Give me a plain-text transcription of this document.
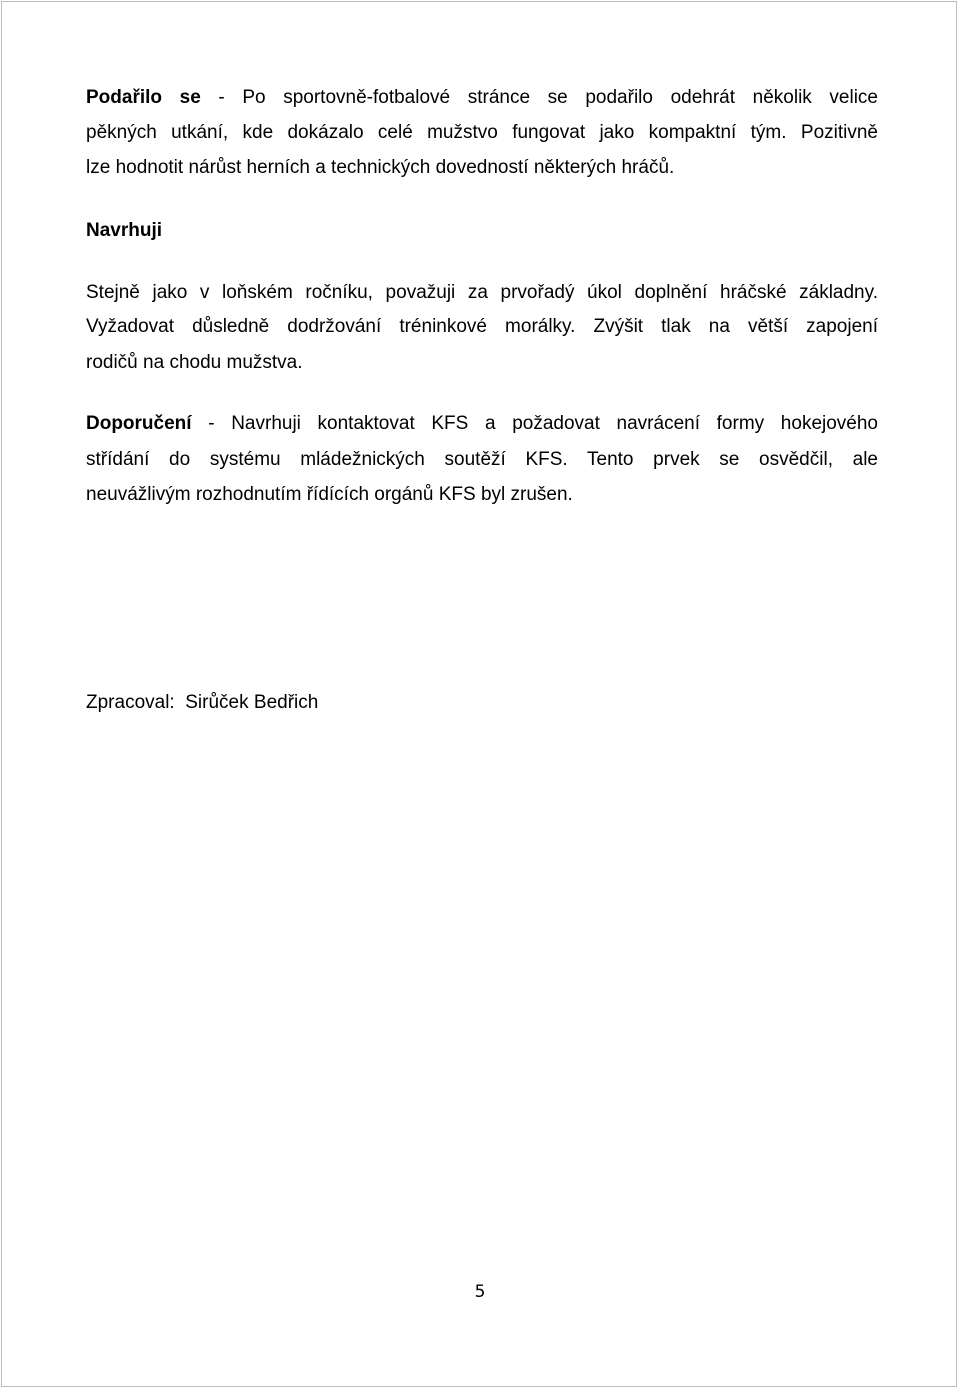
Podařilo se - Po sportovně-fotbalové stránce se podařilo odehrát několik velice
pěkných utkání, kde dokázalo celé mužstvo fungovat jako kompaktní tým. Pozitivně
lze hodnotit nárůst herních a technických dovedností některých hráčů.
Navrhuji
Stejně jako v loňském ročníku, považuji za prvořadý úkol doplnění hráčské základny.
Vyžadovat důsledně dodržování tréninkové morálky. Zvýšit tlak na větší zapojení
rodičů na chodu mužstva.
Doporučení - Navrhuji kontaktovat KFS a požadovat navrácení formy hokejového
střídání do systému mládežnických soutěží KFS. Tento prvek se osvědčil, ale
neuvážlivým rozhodnutím řídících orgánů KFS byl zrušen.
Zpracoval:  Sirůček Bedřich
5
